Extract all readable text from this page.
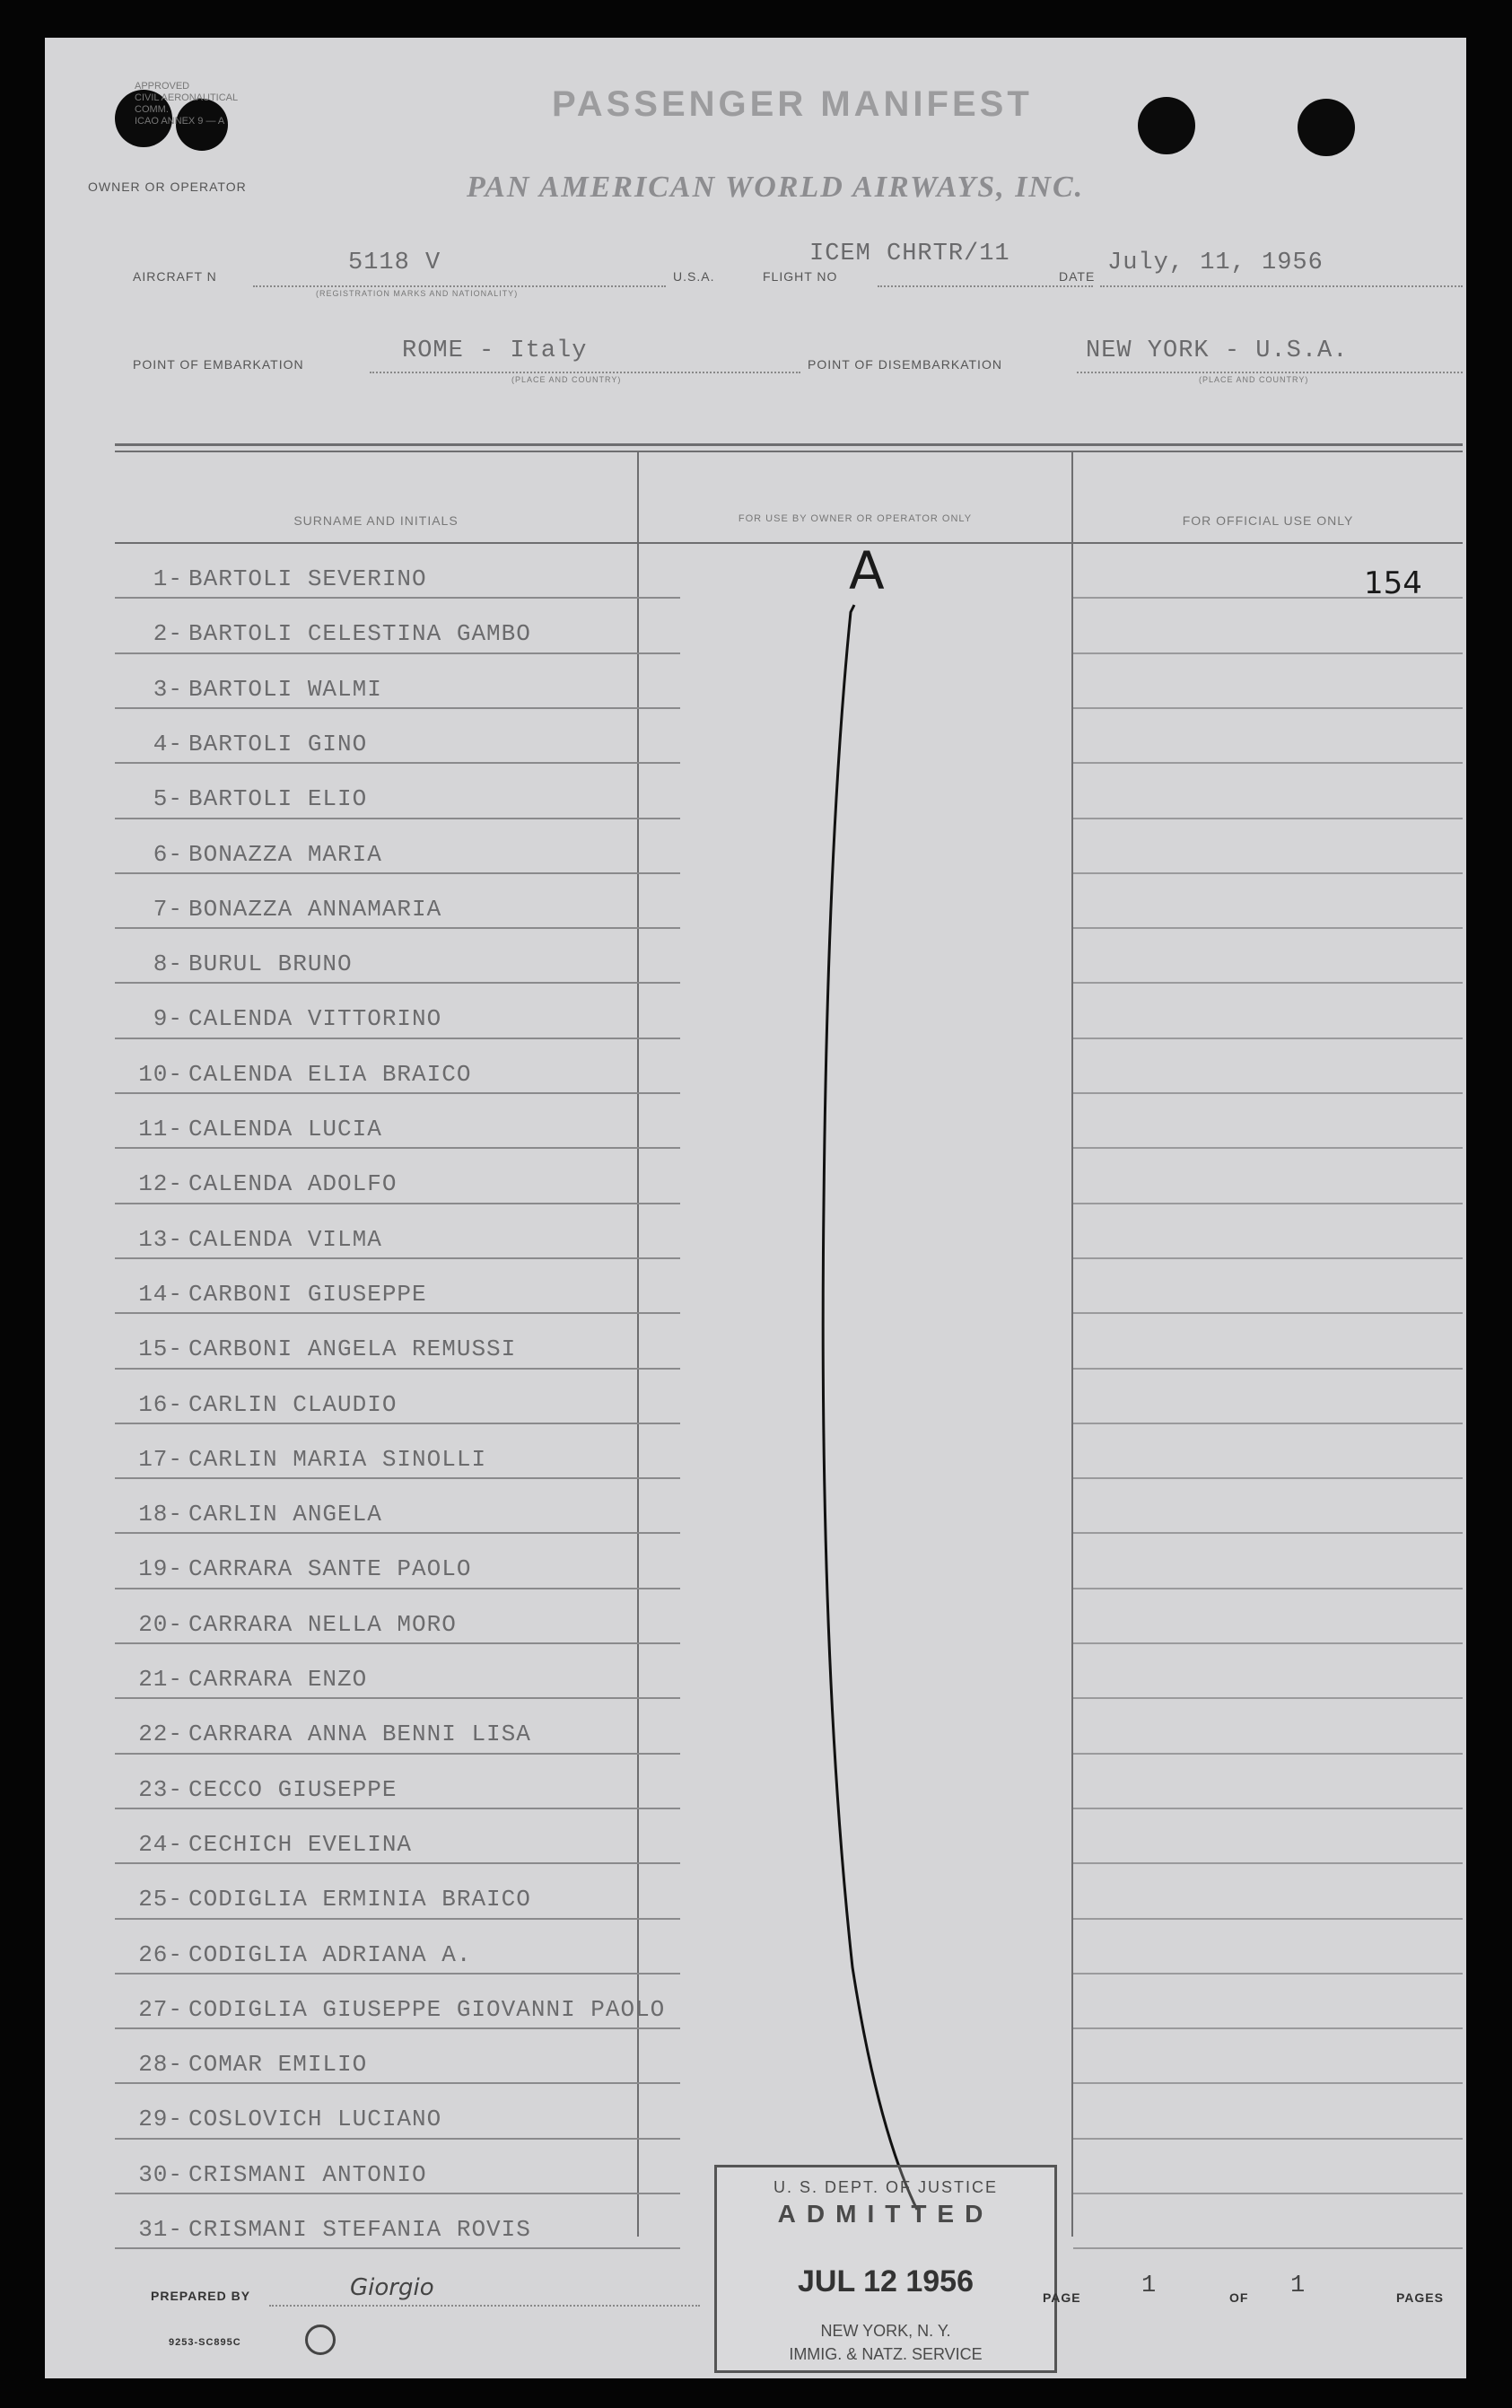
APPROVED
CIVIL AERONAUTICAL COMM.
ICAO ANNEX 9 — A	PASSENGER MANIFEST
OWNER OR OPERATOR	PAN AMERICAN WORLD AIRWAYS, INC.
AIRCRAFT N	5118 V
(REGISTRATION MARKS AND NATIONALITY)
U.S.A.	FLIGHT NO
ICEM CHRTR/11
DATE July, 11, 1956
POINT OF EMBARKATION	ROME - Italy
(PLACE AND COUNTRY)
POINT OF DISEMBARKATION	NEW YORK - U.S.A.
(PLACE AND COUNTRY)
SURNAME AND INITIALS	FOR USE BY OWNER OR OPERATOR ONLY	FOR OFFICIAL USE ONLY
1- BARTOLI SEVERINO
2- BARTOLI CELESTINA GAMBO
3- BARTOLI WALMI
4- BARTOLI GINO
5- BARTOLI ELIO
6- BONAZZA MARIA
7- BONAZZA ANNAMARIA
8- BURUL BRUNO
9- CALENDA VITTORINO
10- CALENDA ELIA BRAICO
11- CALENDA LUCIA
12- CALENDA ADOLFO
13- CALENDA VILMA
14- CARBONI GIUSEPPE
15- CARBONI ANGELA REMUSSI
16- CARLIN CLAUDIO
17- CARLIN MARIA SINOLLI
18- CARLIN ANGELA
19- CARRARA SANTE PAOLO
20- CARRARA NELLA MORO
21- CARRARA ENZO
22- CARRARA ANNA BENNI LISA
23- CECCO GIUSEPPE
24- CECHICH EVELINA
25- CODIGLIA ERMINIA BRAICO
26- CODIGLIA ADRIANA A.
27- CODIGLIA GIUSEPPE GIOVANNI PAOLO
28- COMAR EMILIO
29- COSLOVICH LUCIANO
30- CRISMANI ANTONIO
31- CRISMANI STEFANIA ROVIS
A	154
U. S. DEPT. OF JUSTICE
ADMITTED
JUL 12 1956
NEW YORK, N. Y.
IMMIG. & NATZ. SERVICE
PREPARED BY	Giorgio
9253-SC895C
PAGE 1	OF 1	PAGES
